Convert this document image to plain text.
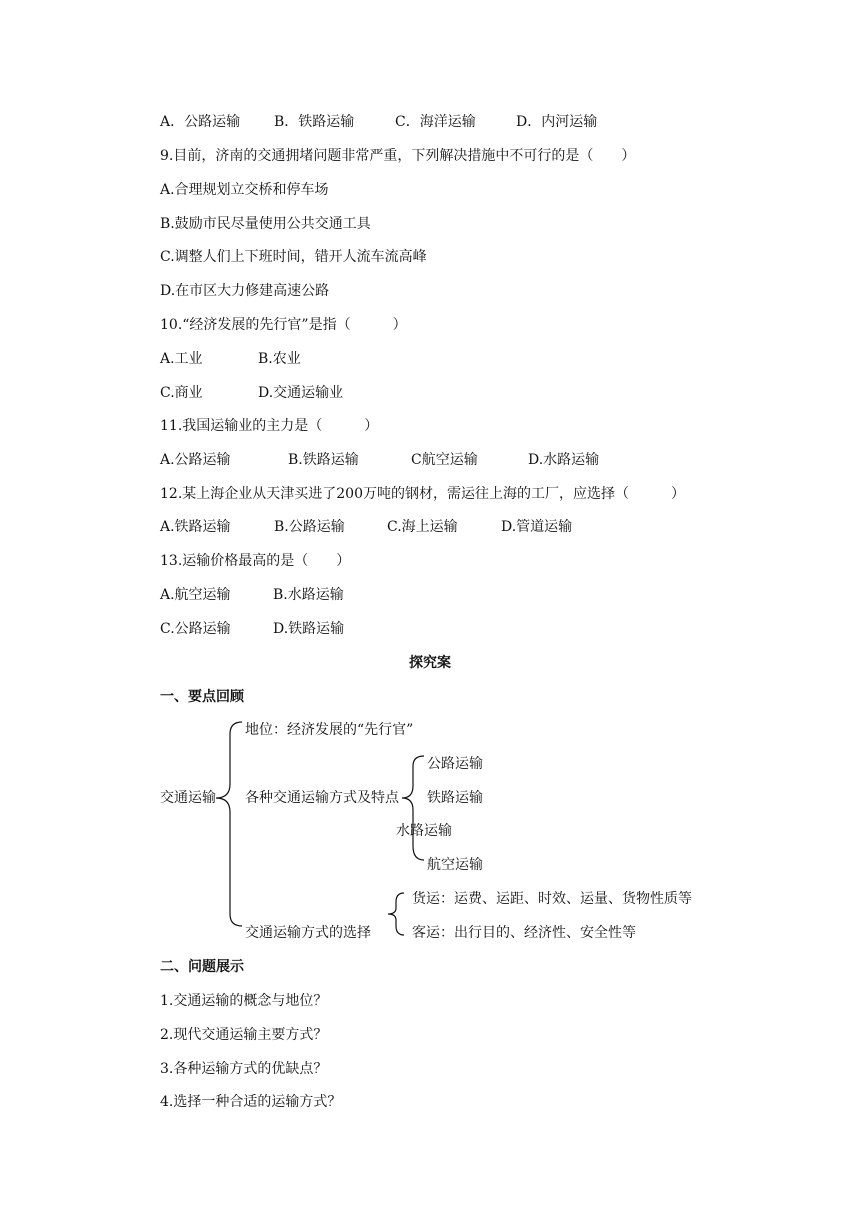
A．公路运输 B．铁路运输	C．海洋运输	D．内河运输
9.目前，济南的交通拥堵问题非常严重，下列解决措施中不可行的是（　　）
A.合理规划立交桥和停车场
B.鼓励市民尽量使用公共交通工具
C.调整人们上下班时间，错开人流车流高峰
D.在市区大力修建高速公路
10.“经济发展的先行官”是指（　　　）
A.工业	B.农业
C.商业	D.交通运输业
11.我国运输业的主力是（　　　）
A.公路运输	B.铁路运输	C航空运输	D.水路运输
12.某上海企业从天津买进了200万吨的钢材，需运往上海的工厂，应选择（　　　）
A.铁路运输	B.公路运输	C.海上运输	D.管道运输
13.运输价格最高的是（　　）
A.航空运输	B.水路运输
C.公路运输	D.铁路运输
探究案
一、要点回顾
交通运输
地位：经济发展的“先行官”
各种交通运输方式及特点
公路运输
铁路运输
水路运输
航空运输
交通运输方式的选择
货运：运费、运距、时效、运量、货物性质等
客运：出行目的、经济性、安全性等
二、问题展示
1.交通运输的概念与地位？
2.现代交通运输主要方式？
3.各种运输方式的优缺点？
4.选择一种合适的运输方式？
